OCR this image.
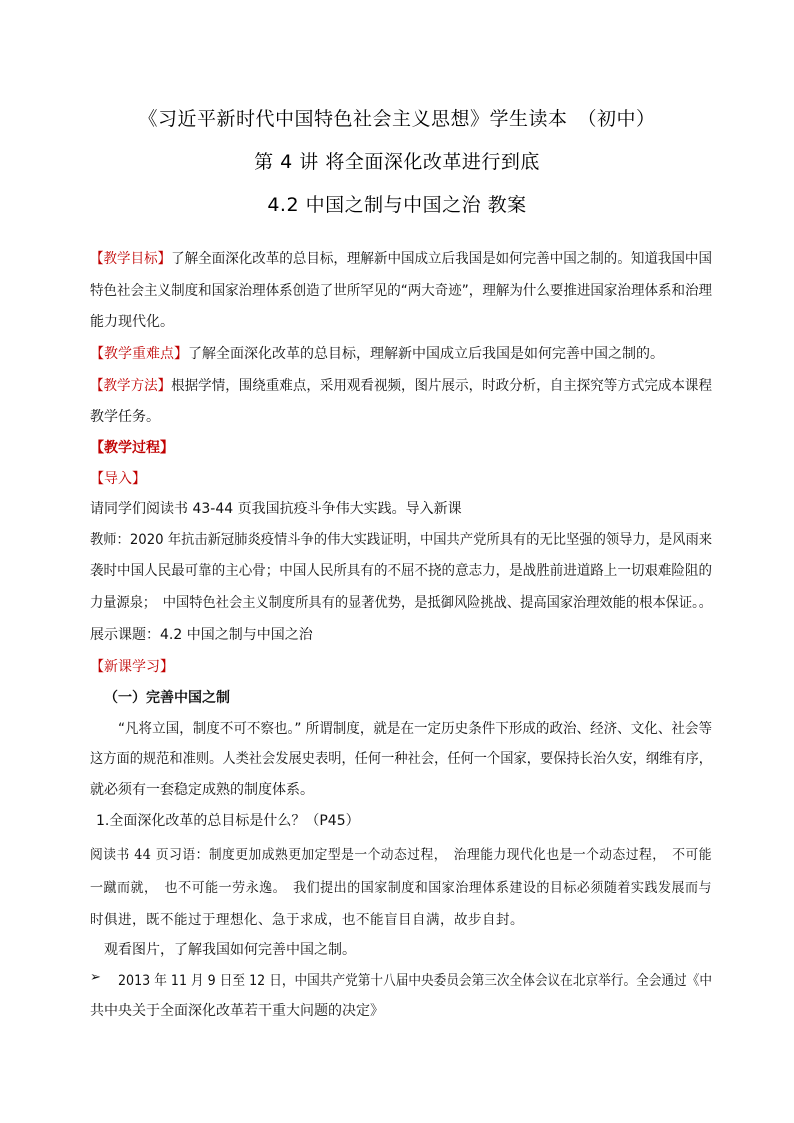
《习近平新时代中国特色社会主义思想》学生读本　（初中）
第 4 讲 将全面深化改革进行到底
4.2 中国之制与中国之治 教案
【教学目标】了解全面深化改革的总目标，理解新中国成立后我国是如何完善中国之制的。知道我国中国
特色社会主义制度和国家治理体系创造了世所罕见的“两大奇迹”，理解为什么要推进国家治理体系和治理
能力现代化。
【教学重难点】了解全面深化改革的总目标，理解新中国成立后我国是如何完善中国之制的。
【教学方法】根据学情，围绕重难点，采用观看视频，图片展示，时政分析，自主探究等方式完成本课程
教学任务。
【教学过程】
【导入】
请同学们阅读书 43-44 页我国抗疫斗争伟大实践。导入新课
教师：2020 年抗击新冠肺炎疫情斗争的伟大实践证明，中国共产党所具有的无比坚强的领导力，是风雨来
袭时中国人民最可靠的主心骨；中国人民所具有的不屈不挠的意志力，是战胜前进道路上一切艰难险阻的
力量源泉；　中国特色社会主义制度所具有的显著优势，是抵御风险挑战、提高国家治理效能的根本保证。。
展示课题：4.2 中国之制与中国之治
【新课学习】
（一）完善中国之制
“凡将立国，制度不可不察也。” 所谓制度，就是在一定历史条件下形成的政治、经济、文化、社会等
这方面的规范和准则。人类社会发展史表明，任何一种社会，任何一个国家，要保持长治久安，纲维有序，
就必须有一套稳定成熟的制度体系。
1.全面深化改革的总目标是什么？（P45）
阅读书 44 页习语：制度更加成熟更加定型是一个动态过程，　治理能力现代化也是一个动态过程，　不可能
一蹴而就，　也不可能一劳永逸。　我们提出的国家制度和国家治理体系建设的目标必须随着实践发展而与
时俱进，既不能过于理想化、急于求成，也不能盲目自满，故步自封。
观看图片，了解我国如何完善中国之制。
➢ 2013 年 11 月 9 日至 12 日，中国共产党第十八届中央委员会第三次全体会议在北京举行。全会通过《中
共中央关于全面深化改革若干重大问题的决定》
